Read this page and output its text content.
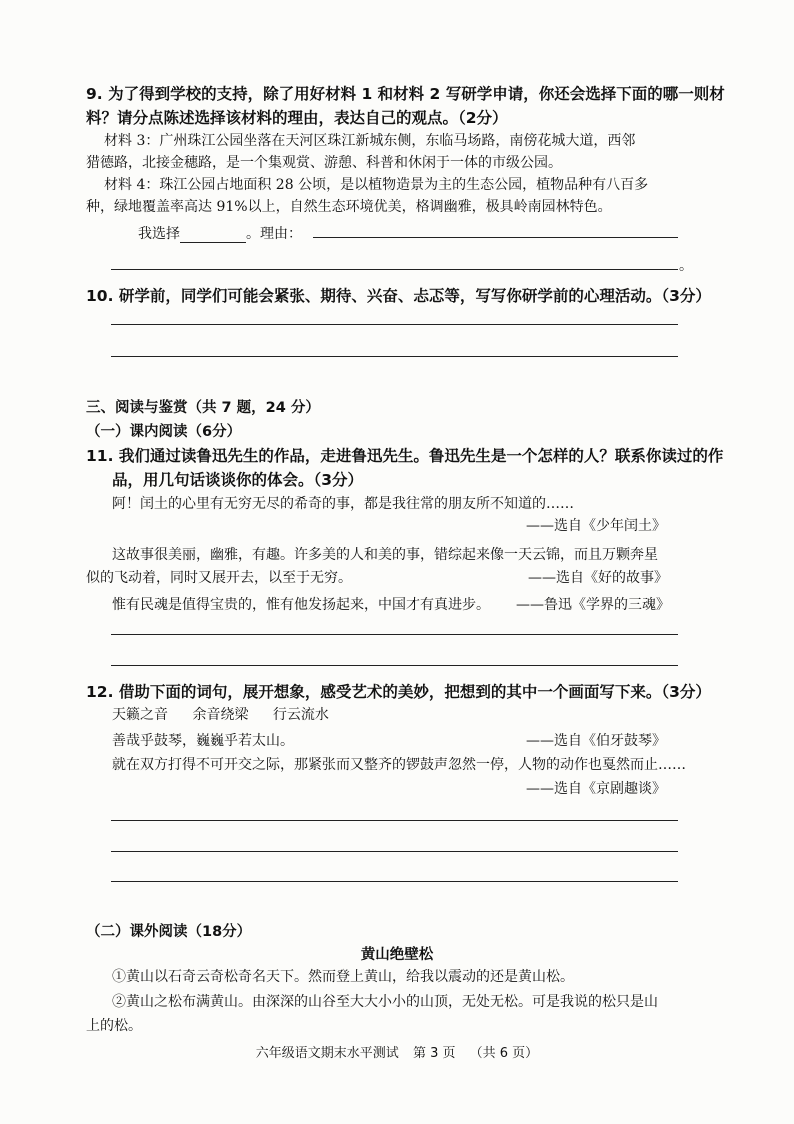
9. 为了得到学校的支持，除了用好材料 1 和材料 2 写研学申请，你还会选择下面的哪一则材
料？请分点陈述选择该材料的理由，表达自己的观点。（2分）
材料 3：广州珠江公园坐落在天河区珠江新城东侧，东临马场路，南傍花城大道，西邻
猎德路，北接金穗路，是一个集观赏、游憩、科普和休闲于一体的市级公园。
材料 4：珠江公园占地面积 28 公顷，是以植物造景为主的生态公园，植物品种有八百多
种，绿地覆盖率高达 91%以上，自然生态环境优美，格调幽雅，极具岭南园林特色。
我选择	。理由：
。
10. 研学前，同学们可能会紧张、期待、兴奋、忐忑等，写写你研学前的心理活动。（3分）
三、阅读与鉴赏（共 7 题，24 分）
（一）课内阅读（6分）
11. 我们通过读鲁迅先生的作品，走进鲁迅先生。鲁迅先生是一个怎样的人？联系你读过的作
品，用几句话谈谈你的体会。（3分）
阿！闰土的心里有无穷无尽的希奇的事，都是我往常的朋友所不知道的……
——选自《少年闰土》
这故事很美丽，幽雅，有趣。许多美的人和美的事，错综起来像一天云锦，而且万颗奔星
似的飞动着，同时又展开去，以至于无穷。	——选自《好的故事》
惟有民魂是值得宝贵的，惟有他发扬起来，中国才有真进步。 ——鲁迅《学界的三魂》
12. 借助下面的词句，展开想象，感受艺术的美妙，把想到的其中一个画面写下来。（3分）
天籁之音 余音绕梁 行云流水
善哉乎鼓琴，巍巍乎若太山。	——选自《伯牙鼓琴》
就在双方打得不可开交之际，那紧张而又整齐的锣鼓声忽然一停，人物的动作也戛然而止……
——选自《京剧趣谈》
（二）课外阅读（18分）
黄山绝壁松
①黄山以石奇云奇松奇名天下。然而登上黄山，给我以震动的还是黄山松。
②黄山之松布满黄山。由深深的山谷至大大小小的山顶，无处无松。可是我说的松只是山
上的松。
六年级语文期末水平测试 第 3 页 （共 6 页）
